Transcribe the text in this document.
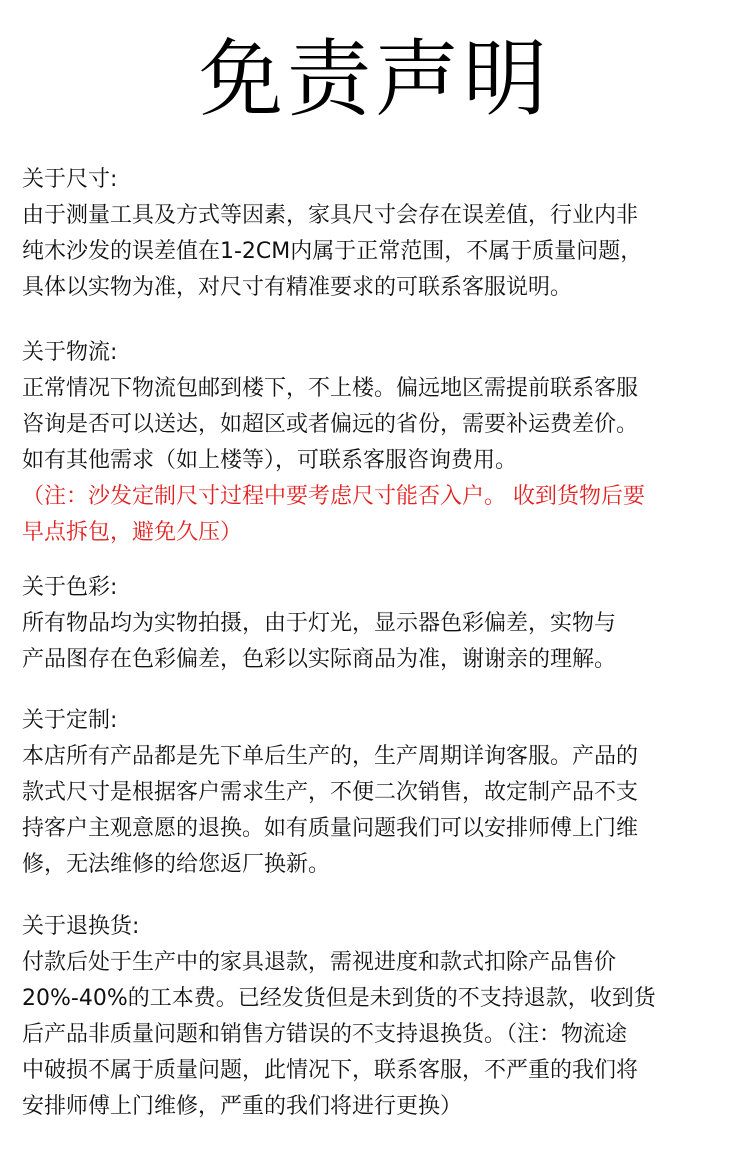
免责声明
关于尺寸:
由于测量工具及方式等因素，家具尺寸会存在误差值，行业内非
纯木沙发的误差值在1-2CM内属于正常范围，不属于质量问题，
具体以实物为准，对尺寸有精准要求的可联系客服说明。
关于物流:
正常情况下物流包邮到楼下，不上楼。偏远地区需提前联系客服
咨询是否可以送达，如超区或者偏远的省份，需要补运费差价。
如有其他需求（如上楼等），可联系客服咨询费用。
（注：沙发定制尺寸过程中要考虑尺寸能否入户。 收到货物后要
早点拆包，避免久压）
关于色彩:
所有物品均为实物拍摄，由于灯光，显示器色彩偏差，实物与
产品图存在色彩偏差，色彩以实际商品为准，谢谢亲的理解。
关于定制:
本店所有产品都是先下单后生产的，生产周期详询客服。产品的
款式尺寸是根据客户需求生产，不便二次销售，故定制产品不支
持客户主观意愿的退换。如有质量问题我们可以安排师傅上门维
修，无法维修的给您返厂换新。
关于退换货:
付款后处于生产中的家具退款，需视进度和款式扣除产品售价
20%-40%的工本费。已经发货但是未到货的不支持退款，收到货
后产品非质量问题和销售方错误的不支持退换货。（注：物流途
中破损不属于质量问题，此情况下，联系客服，不严重的我们将
安排师傅上门维修，严重的我们将进行更换）
